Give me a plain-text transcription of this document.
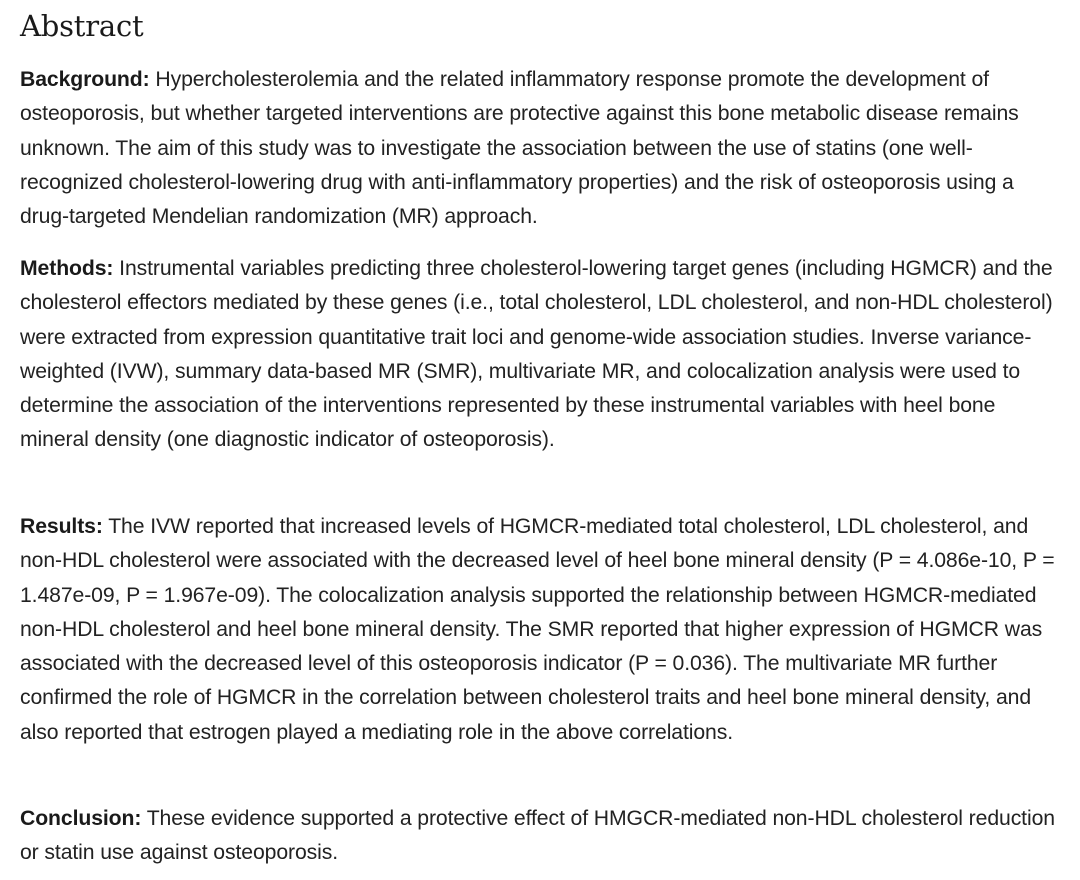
Abstract

Background: Hypercholesterolemia and the related inflammatory response promote the development of osteoporosis, but whether targeted interventions are protective against this bone metabolic disease remains unknown. The aim of this study was to investigate the association between the use of statins (one well-recognized cholesterol-lowering drug with anti-inflammatory properties) and the risk of osteoporosis using a drug-targeted Mendelian randomization (MR) approach.

Methods: Instrumental variables predicting three cholesterol-lowering target genes (including HGMCR) and the cholesterol effectors mediated by these genes (i.e., total cholesterol, LDL cholesterol, and non-HDL cholesterol) were extracted from expression quantitative trait loci and genome-wide association studies. Inverse variance-weighted (IVW), summary data-based MR (SMR), multivariate MR, and colocalization analysis were used to determine the association of the interventions represented by these instrumental variables with heel bone mineral density (one diagnostic indicator of osteoporosis).

Results: The IVW reported that increased levels of HGMCR-mediated total cholesterol, LDL cholesterol, and non-HDL cholesterol were associated with the decreased level of heel bone mineral density (P = 4.086e-10, P = 1.487e-09, P = 1.967e-09). The colocalization analysis supported the relationship between HGMCR-mediated non-HDL cholesterol and heel bone mineral density. The SMR reported that higher expression of HGMCR was associated with the decreased level of this osteoporosis indicator (P = 0.036). The multivariate MR further confirmed the role of HGMCR in the correlation between cholesterol traits and heel bone mineral density, and also reported that estrogen played a mediating role in the above correlations.

Conclusion: These evidence supported a protective effect of HMGCR-mediated non-HDL cholesterol reduction or statin use against osteoporosis.
